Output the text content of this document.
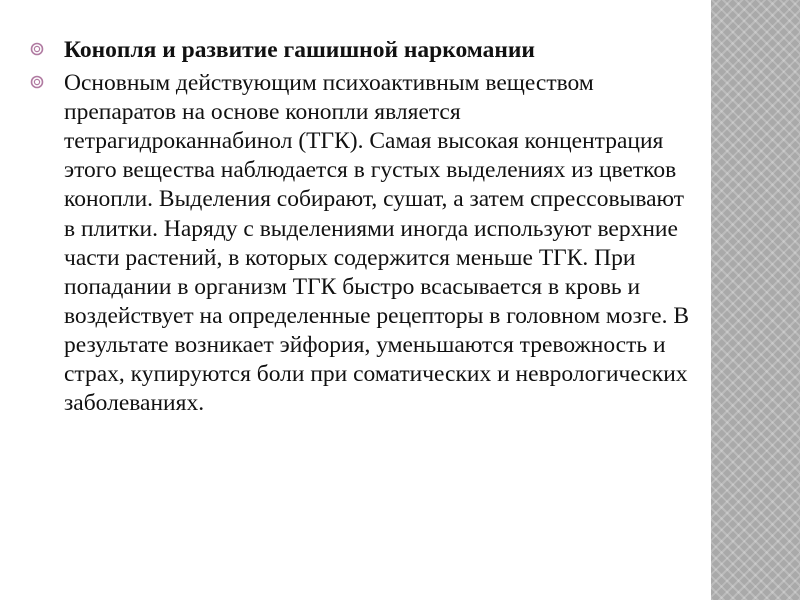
Конопля и развитие гашишной наркомании
Основным действующим психоактивным веществом препаратов на основе конопли является тетрагидроканнабинол (ТГК). Самая высокая концентрация этого вещества наблюдается в густых выделениях из цветков конопли. Выделения собирают, сушат, а затем спрессовывают в плитки. Наряду с выделениями иногда используют верхние части растений, в которых содержится меньше ТГК. При попадании в организм ТГК быстро всасывается в кровь и воздействует на определенные рецепторы в головном мозге. В результате возникает эйфория, уменьшаются тревожность и страх, купируются боли при соматических и неврологических заболеваниях.
